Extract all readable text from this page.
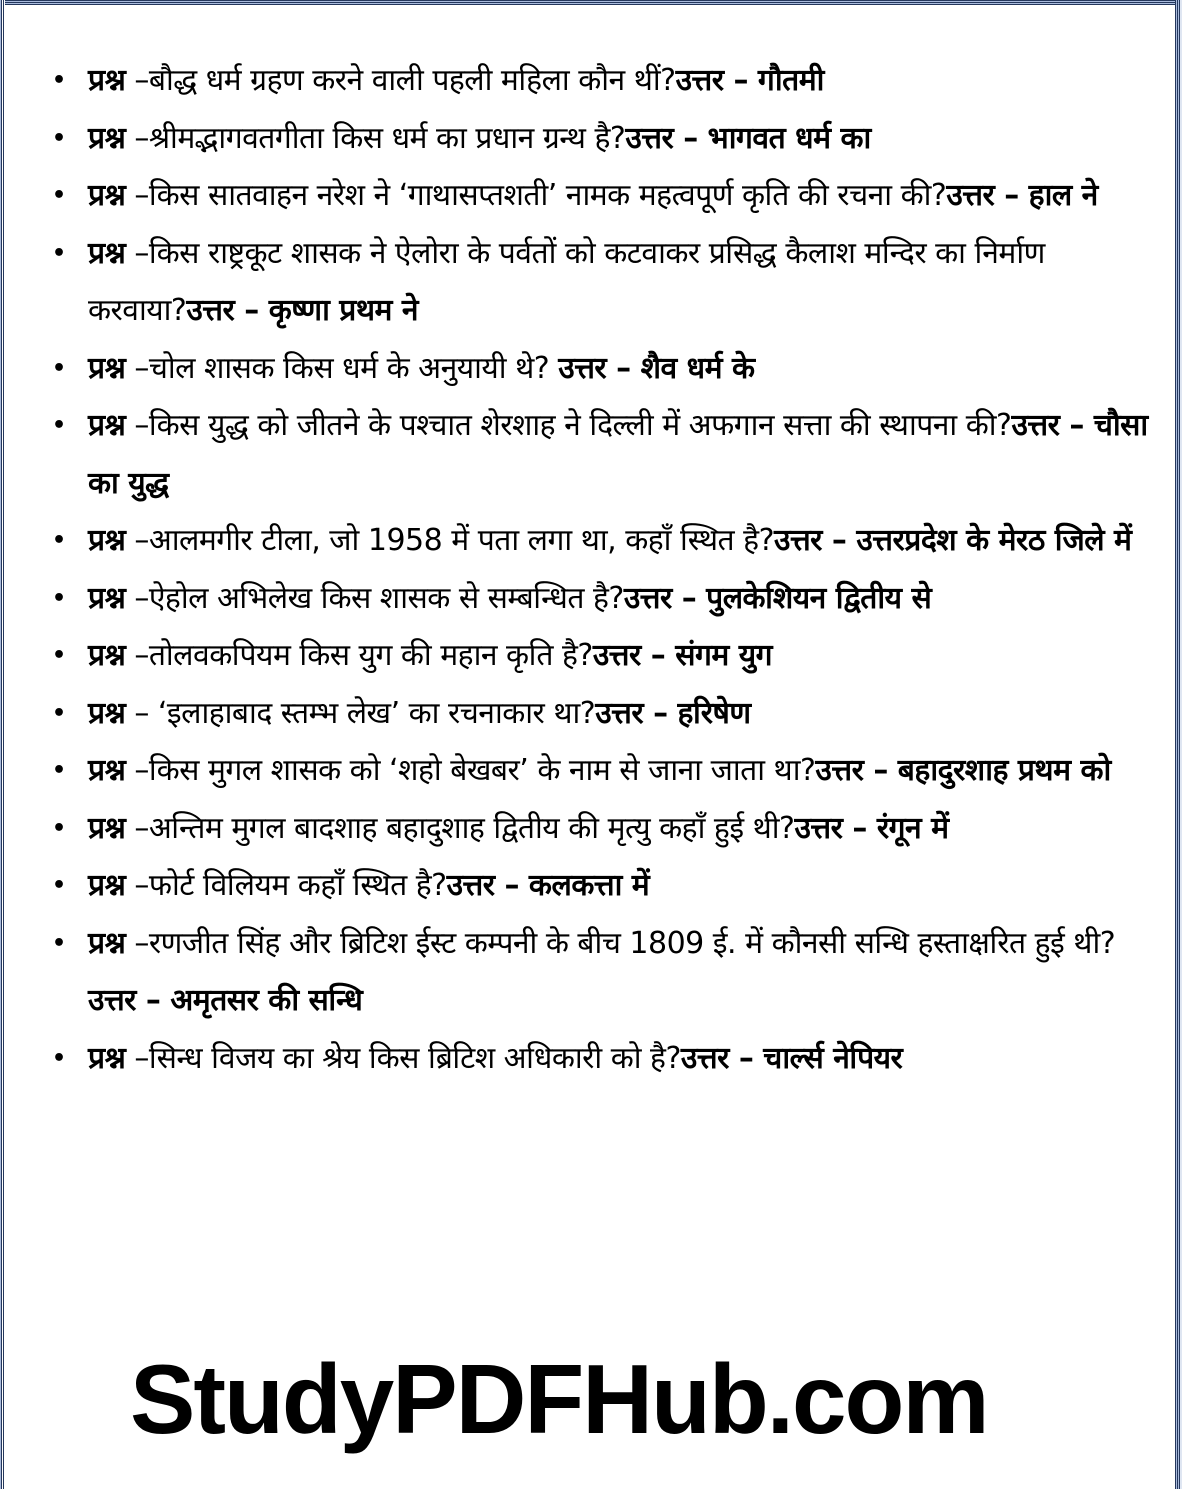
• प्रश्न –बौद्ध धर्म ग्रहण करने वाली पहली महिला कौन थीं?उत्तर – गौतमी
• प्रश्न –श्रीमद्भागवतगीता किस धर्म का प्रधान ग्रन्थ है?उत्तर – भागवत धर्म का
• प्रश्न –किस सातवाहन नरेश ने ‘गाथासप्तशती’ नामक महत्वपूर्ण कृति की रचना की?उत्तर – हाल ने
• प्रश्न –किस राष्ट्रकूट शासक ने ऐलोरा के पर्वतों को कटवाकर प्रसिद्ध कैलाश मन्दिर का निर्माण करवाया?उत्तर – कृष्णा प्रथम ने
• प्रश्न –चोल शासक किस धर्म के अनुयायी थे? उत्तर – शैव धर्म के
• प्रश्न –किस युद्ध को जीतने के पश्चात शेरशाह ने दिल्ली में अफगान सत्ता की स्थापना की?उत्तर – चौसा का युद्ध
• प्रश्न –आलमगीर टीला, जो 1958 में पता लगा था, कहाँ स्थित है?उत्तर – उत्तरप्रदेश के मेरठ जिले में
• प्रश्न –ऐहोल अभिलेख किस शासक से सम्बन्धित है?उत्तर – पुलकेशियन द्वितीय से
• प्रश्न –तोलवकपियम किस युग की महान कृति है?उत्तर – संगम युग
• प्रश्न – ‘इलाहाबाद स्तम्भ लेख’ का रचनाकार था?उत्तर – हरिषेण
• प्रश्न –किस मुगल शासक को ‘शहो बेखबर’ के नाम से जाना जाता था?उत्तर – बहादुरशाह प्रथम को
• प्रश्न –अन्तिम मुगल बादशाह बहादुशाह द्वितीय की मृत्यु कहाँ हुई थी?उत्तर – रंगून में
• प्रश्न –फोर्ट विलियम कहाँ स्थित है?उत्तर – कलकत्ता में
• प्रश्न –रणजीत सिंह और ब्रिटिश ईस्ट कम्पनी के बीच 1809 ई. में कौनसी सन्धि हस्ताक्षरित हुई थी?उत्तर – अमृतसर की सन्धि
• प्रश्न –सिन्ध विजय का श्रेय किस ब्रिटिश अधिकारी को है?उत्तर – चार्ल्स नेपियर
StudyPDFHub.com
